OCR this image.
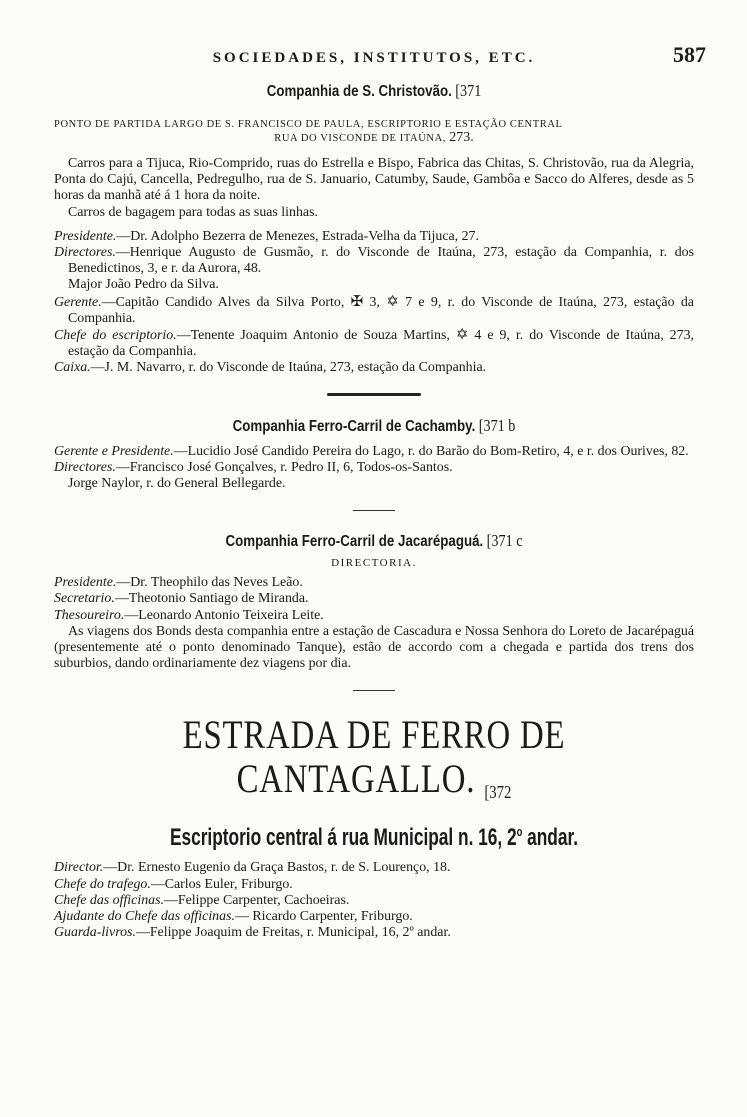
SOCIEDADES, INSTITUTOS, ETC.	587
Companhia de S. Christovão. [371
PONTO DE PARTIDA LARGO DE S. FRANCISCO DE PAULA, ESCRIPTORIO E ESTAÇÃO CENTRAL
RUA DO VISCONDE DE ITAÚNA, 273.

Carros para a Tijuca, Rio-Comprido, ruas do Estrella e Bispo, Fabrica das Chitas, S. Christovão, rua da Alegria, Ponta do Cajú, Cancella, Pedregulho, rua de S. Januario, Catumby, Saude, Gambôa e Sacco do Alferes, desde as 5 horas da manhã até á 1 hora da noite.

Carros de bagagem para todas as suas linhas.

Presidente.—Dr. Adolpho Bezerra de Menezes, Estrada-Velha da Tijuca, 27.

Directores.—Henrique Augusto de Gusmão, r. do Visconde de Itaúna, 273, estação da Companhia, r. dos Benedictinos, 3, e r. da Aurora, 48.

Major João Pedro da Silva.

Gerente.—Capitão Candido Alves da Silva Porto, ✠ 3, ✡ 7 e 9, r. do Visconde de Itaúna, 273, estação da Companhia.

Chefe do escriptorio.—Tenente Joaquim Antonio de Souza Martins, ✡ 4 e 9, r. do Visconde de Itaúna, 273, estação da Companhia.

Caixa.—J. M. Navarro, r. do Visconde de Itaúna, 273, estação da Companhia.

Companhia Ferro-Carril de Cachamby. [371 b

Gerente e Presidente.—Lucidio José Candido Pereira do Lago, r. do Barão do Bom-Retiro, 4, e r. dos Ourives, 82.

Directores.—Francisco José Gonçalves, r. Pedro II, 6, Todos-os-Santos.

Jorge Naylor, r. do General Bellegarde.

Companhia Ferro-Carril de Jacarépaguá. [371 c
DIRECTORIA.

Presidente.—Dr. Theophilo das Neves Leão.

Secretario.—Theotonio Santiago de Miranda.

Thesoureiro.—Leonardo Antonio Teixeira Leite.

As viagens dos Bonds desta companhia entre a estação de Cascadura e Nossa Senhora do Loreto de Jacarépaguá (presentemente até o ponto denominado Tanque), estão de accordo com a chegada e partida dos trens dos suburbios, dando ordinariamente dez viagens por dia.

ESTRADA DE FERRO DE CANTAGALLO. [372
Escriptorio central á rua Municipal n. 16, 2$^o$ andar.

Director.—Dr. Ernesto Eugenio da Graça Bastos, r. de S. Lourenço, 18.

Chefe do trafego.—Carlos Euler, Friburgo.

Chefe das officinas.—Felippe Carpenter, Cachoeiras.

Ajudante do Chefe das officinas.— Ricardo Carpenter, Friburgo.

Guarda-livros.—Felippe Joaquim de Freitas, r. Municipal, 16, 2º andar.
